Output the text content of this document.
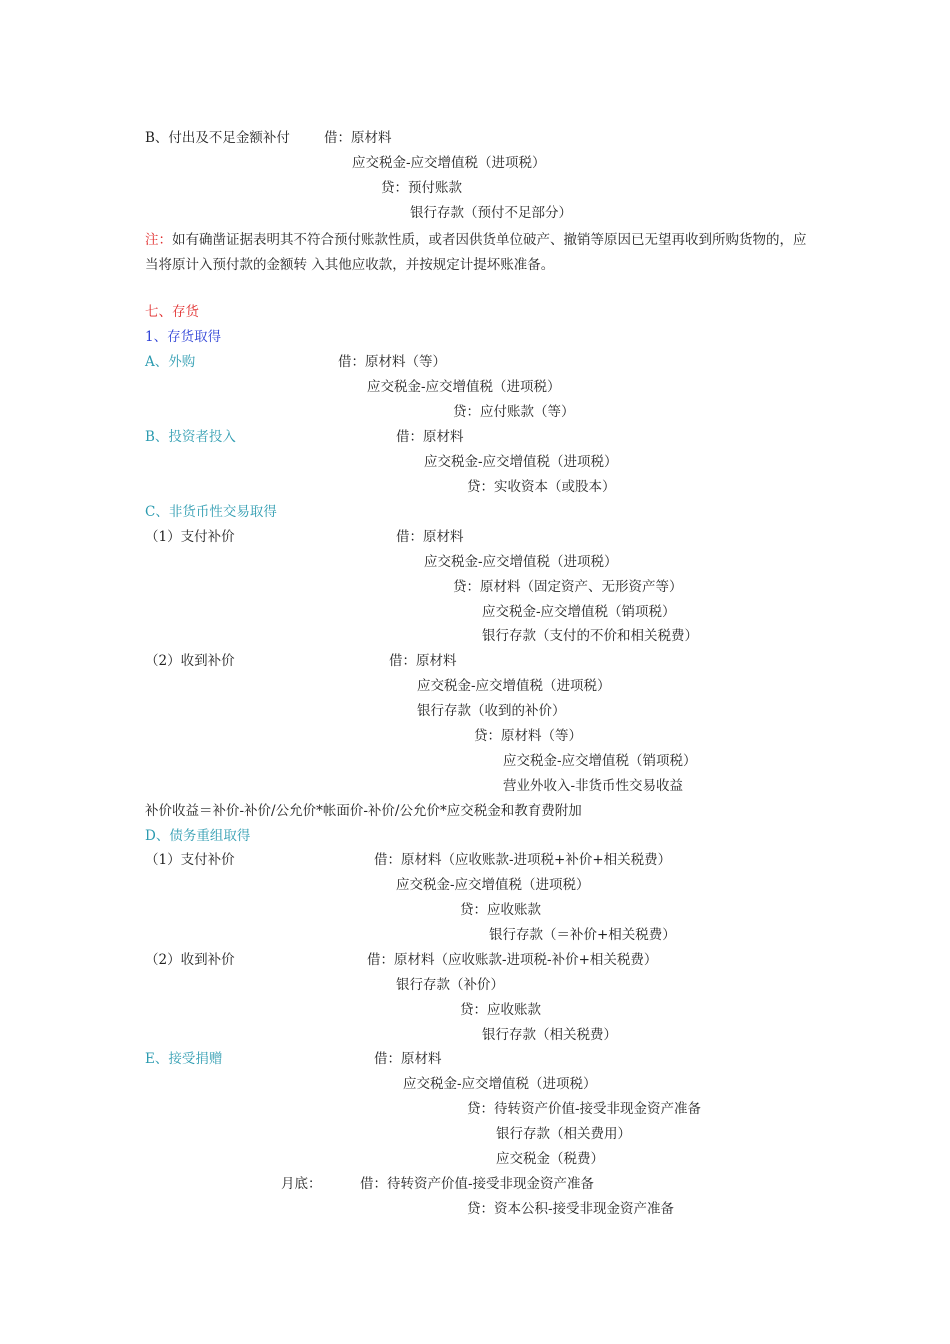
B、付出及不足金额补付	借：原材料
应交税金-应交增值税（进项税）
贷：预付账款
银行存款（预付不足部分）
注：如有确凿证据表明其不符合预付账款性质，或者因供货单位破产、撤销等原因已无望再收到所购货物的，应当将原计入预付款的金额转 入其他应收款，并按规定计提坏账准备。
七、存货
1、存货取得
A、外购	借：原材料（等）
应交税金-应交增值税（进项税）
贷：应付账款（等）
B、投资者投入	借：原材料
应交税金-应交增值税（进项税）
贷：实收资本（或股本）
C、非货币性交易取得
（1）支付补价	借：原材料
应交税金-应交增值税（进项税）
贷：原材料（固定资产、无形资产等）
应交税金-应交增值税（销项税）
银行存款（支付的不价和相关税费）
（2）收到补价	借：原材料
应交税金-应交增值税（进项税）
银行存款（收到的补价）
贷：原材料（等）
应交税金-应交增值税（销项税）
营业外收入-非货币性交易收益
补价收益＝补价-补价/公允价*帐面价-补价/公允价*应交税金和教育费附加
D、债务重组取得
（1）支付补价	借：原材料（应收账款-进项税+补价+相关税费）
应交税金-应交增值税（进项税）
贷：应收账款
银行存款（＝补价+相关税费）
（2）收到补价	借：原材料（应收账款-进项税-补价+相关税费）
银行存款（补价）
贷：应收账款
银行存款（相关税费）
E、接受捐赠	借：原材料
应交税金-应交增值税（进项税）
贷：待转资产价值-接受非现金资产准备
银行存款（相关费用）
应交税金（税费）
月底：	借：待转资产价值-接受非现金资产准备
贷：资本公积-接受非现金资产准备
